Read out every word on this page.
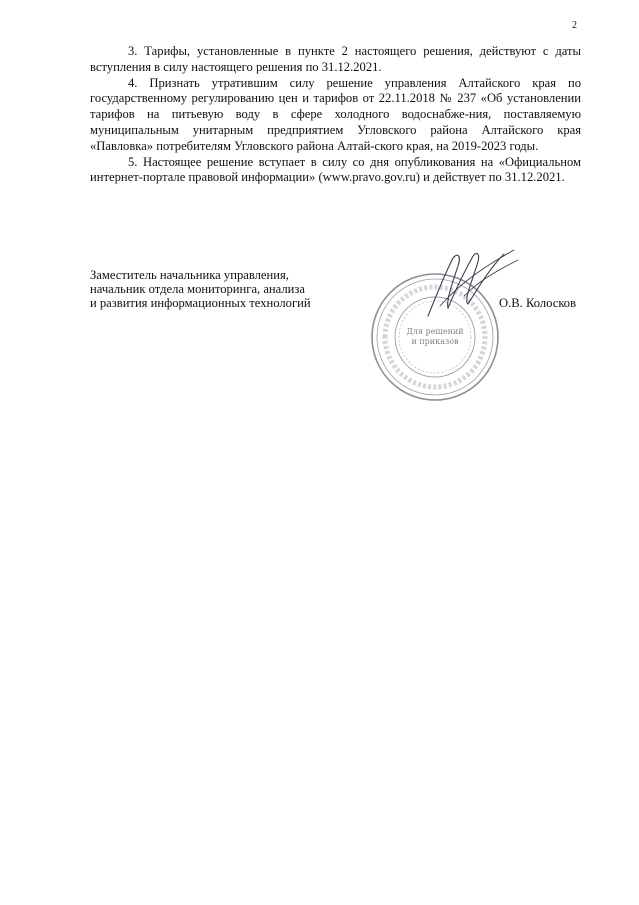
2

3. Тарифы, установленные в пункте 2 настоящего решения, действуют с даты вступления в силу настоящего решения по 31.12.2021.

4. Признать утратившим силу решение управления Алтайского края по государственному регулированию цен и тарифов от 22.11.2018 № 237 «Об установлении тарифов на питьевую воду в сфере холодного водоснабже-ния, поставляемую муниципальным унитарным предприятием Угловского района Алтайского края «Павловка» потребителям Угловского района Алтай-ского края, на 2019-2023 годы.

5. Настоящее решение вступает в силу со дня опубликования на «Официальном интернет-портале правовой информации» (www.pravo.gov.ru) и действует по 31.12.2021.

Заместитель начальника управления,
начальник отдела мониторинга, анализа
и развития информационных технологий
Для решений
и приказов
О.В. Колосков
